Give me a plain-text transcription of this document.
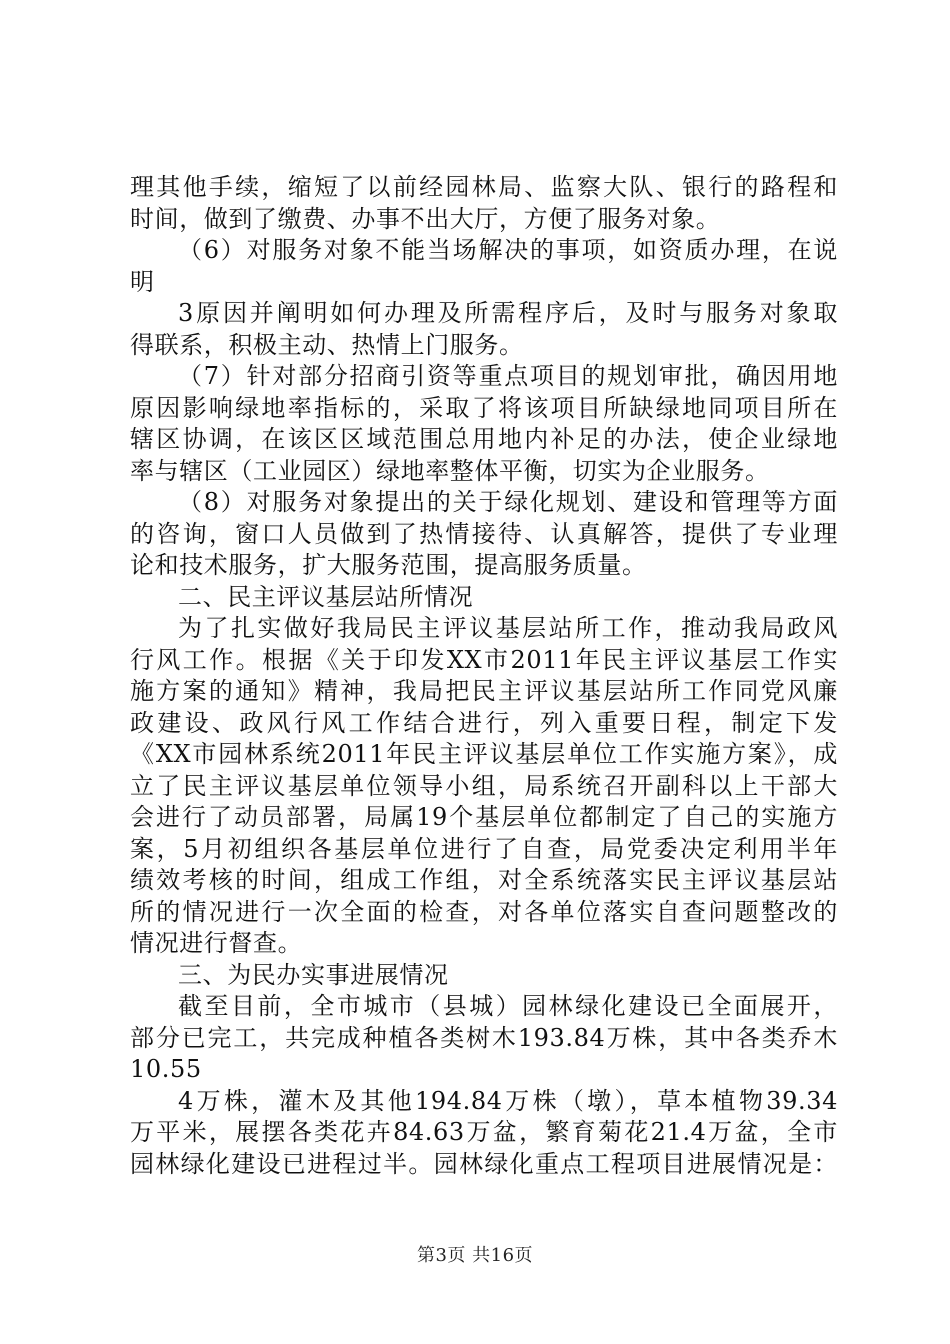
理其他手续，缩短了以前经园林局、监察大队、银行的路程和
时间，做到了缴费、办事不出大厅，方便了服务对象。
（6）对服务对象不能当场解决的事项，如资质办理，在说
明
3原因并阐明如何办理及所需程序后，及时与服务对象取
得联系，积极主动、热情上门服务。
（7）针对部分招商引资等重点项目的规划审批，确因用地
原因影响绿地率指标的，采取了将该项目所缺绿地同项目所在
辖区协调，在该区区域范围总用地内补足的办法，使企业绿地
率与辖区（工业园区）绿地率整体平衡，切实为企业服务。
（8）对服务对象提出的关于绿化规划、建设和管理等方面
的咨询，窗口人员做到了热情接待、认真解答，提供了专业理
论和技术服务，扩大服务范围，提高服务质量。
二、民主评议基层站所情况
为了扎实做好我局民主评议基层站所工作，推动我局政风
行风工作。根据《关于印发XX市2011年民主评议基层工作实
施方案的通知》精神，我局把民主评议基层站所工作同党风廉
政建设、政风行风工作结合进行，列入重要日程，制定下发
《XX市园林系统2011年民主评议基层单位工作实施方案》，成
立了民主评议基层单位领导小组，局系统召开副科以上干部大
会进行了动员部署，局属19个基层单位都制定了自己的实施方
案，5月初组织各基层单位进行了自查，局党委决定利用半年
绩效考核的时间，组成工作组，对全系统落实民主评议基层站
所的情况进行一次全面的检查，对各单位落实自查问题整改的
情况进行督查。
三、为民办实事进展情况
截至目前，全市城市（县城）园林绿化建设已全面展开，
部分已完工，共完成种植各类树木193.84万株，其中各类乔木
10.55
4万株，灌木及其他194.84万株（墩），草本植物39.34
万平米，展摆各类花卉84.63万盆，繁育菊花21.4万盆，全市
园林绿化建设已进程过半。园林绿化重点工程项目进展情况是：
第3页 共16页
